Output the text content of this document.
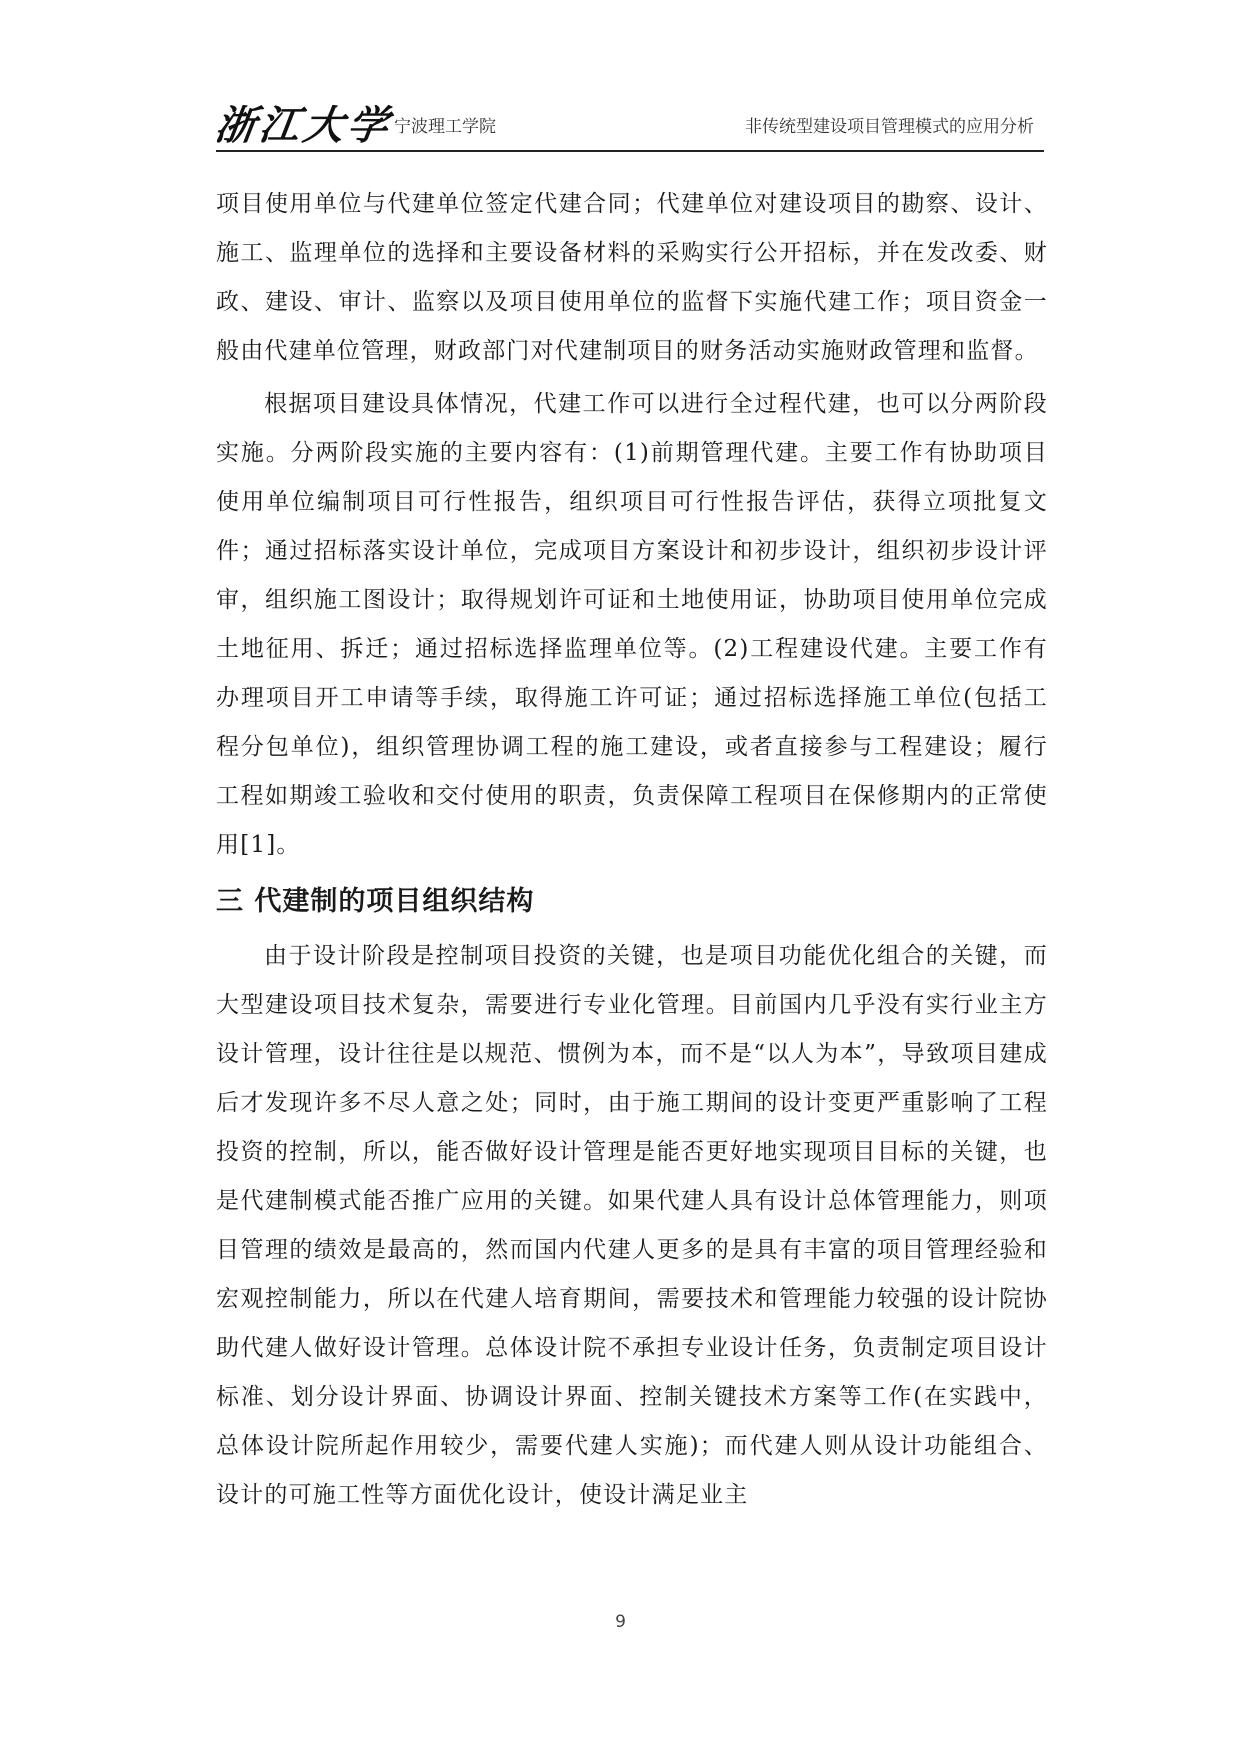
浙江大学 宁波理工学院	非传统型建设项目管理模式的应用分析

项目使用单位与代建单位签定代建合同；代建单位对建设项目的勘察、设计、施工、监理单位的选择和主要设备材料的采购实行公开招标，并在发改委、财政、建设、审计、监察以及项目使用单位的监督下实施代建工作；项目资金一般由代建单位管理，财政部门对代建制项目的财务活动实施财政管理和监督。

根据项目建设具体情况，代建工作可以进行全过程代建，也可以分两阶段实施。分两阶段实施的主要内容有：(1)前期管理代建。主要工作有协助项目使用单位编制项目可行性报告，组织项目可行性报告评估，获得立项批复文件；通过招标落实设计单位，完成项目方案设计和初步设计，组织初步设计评审，组织施工图设计；取得规划许可证和土地使用证，协助项目使用单位完成土地征用、拆迁；通过招标选择监理单位等。(2)工程建设代建。主要工作有办理项目开工申请等手续，取得施工许可证；通过招标选择施工单位(包括工程分包单位)，组织管理协调工程的施工建设，或者直接参与工程建设；履行工程如期竣工验收和交付使用的职责，负责保障工程项目在保修期内的正常使用[1]。

三 代建制的项目组织结构

由于设计阶段是控制项目投资的关键，也是项目功能优化组合的关键，而大型建设项目技术复杂，需要进行专业化管理。目前国内几乎没有实行业主方设计管理，设计往往是以规范、惯例为本，而不是“以人为本”，导致项目建成后才发现许多不尽人意之处；同时，由于施工期间的设计变更严重影响了工程投资的控制，所以，能否做好设计管理是能否更好地实现项目目标的关键，也是代建制模式能否推广应用的关键。如果代建人具有设计总体管理能力，则项目管理的绩效是最高的，然而国内代建人更多的是具有丰富的项目管理经验和宏观控制能力，所以在代建人培育期间，需要技术和管理能力较强的设计院协助代建人做好设计管理。总体设计院不承担专业设计任务，负责制定项目设计标准、划分设计界面、协调设计界面、控制关键技术方案等工作(在实践中，总体设计院所起作用较少，需要代建人实施)；而代建人则从设计功能组合、设计的可施工性等方面优化设计，使设计满足业主

9
